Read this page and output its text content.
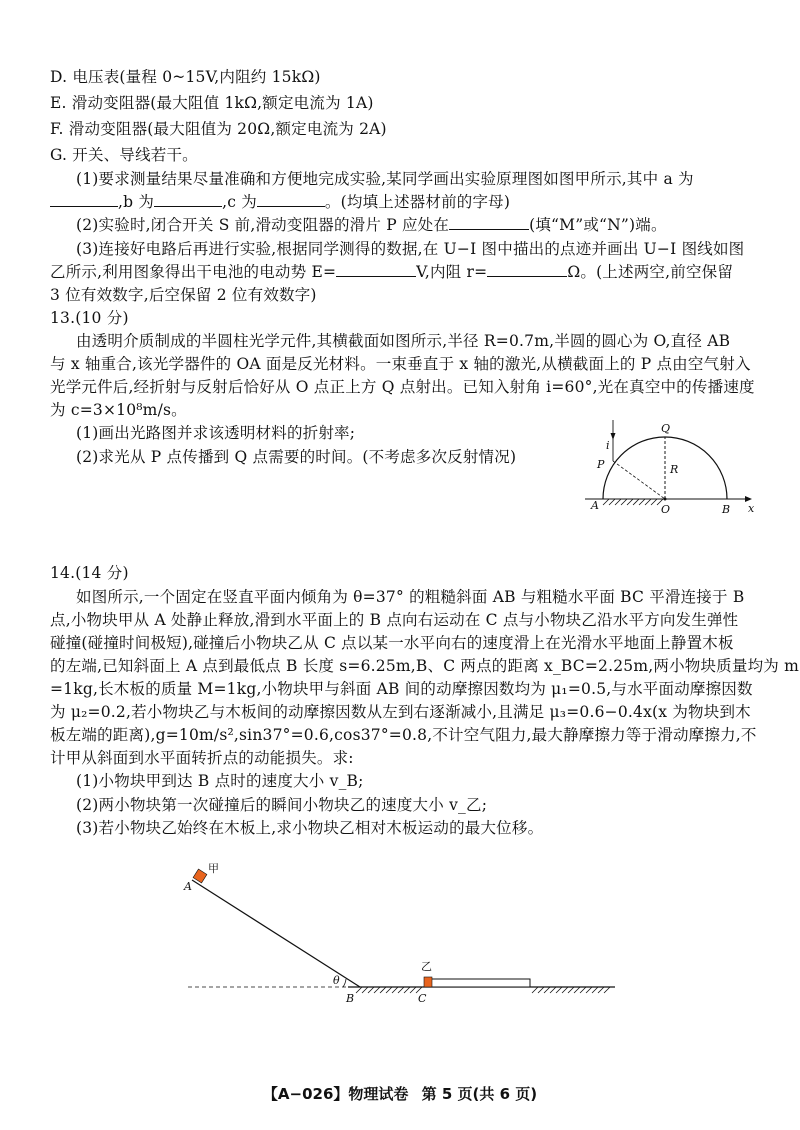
D. 电压表(量程 0~15V,内阻约 15kΩ)
E. 滑动变阻器(最大阻值 1kΩ,额定电流为 1A)
F. 滑动变阻器(最大阻值为 20Ω,额定电流为 2A)
G. 开关、导线若干。
(1)要求测量结果尽量准确和方便地完成实验,某同学画出实验原理图如图甲所示,其中 a 为
,b 为	,c 为	。(均填上述器材前的字母)
(2)实验时,闭合开关 S 前,滑动变阻器的滑片 P 应处在	(填“M”或“N”)端。
(3)连接好电路后再进行实验,根据同学测得的数据,在 U−I 图中描出的点迹并画出 U−I 图线如图
乙所示,利用图象得出干电池的电动势 E=	V,内阻 r=	Ω。(上述两空,前空保留
3 位有效数字,后空保留 2 位有效数字)
13.(10 分)
由透明介质制成的半圆柱光学元件,其横截面如图所示,半径 R=0.7m,半圆的圆心为 O,直径 AB
与 x 轴重合,该光学器件的 OA 面是反光材料。一束垂直于 x 轴的激光,从横截面上的 P 点由空气射入
光学元件后,经折射与反射后恰好从 O 点正上方 Q 点射出。已知入射角 i=60°,光在真空中的传播速度
为 c=3×10⁸m/s。
(1)画出光路图并求该透明材料的折射率;
(2)求光从 P 点传播到 Q 点需要的时间。(不考虑多次反射情况)
Q
i
P	R
A	O	B x
14.(14 分)
如图所示,一个固定在竖直平面内倾角为 θ=37° 的粗糙斜面 AB 与粗糙水平面 BC 平滑连接于 B
点,小物块甲从 A 处静止释放,滑到水平面上的 B 点向右运动在 C 点与小物块乙沿水平方向发生弹性
碰撞(碰撞时间极短),碰撞后小物块乙从 C 点以某一水平向右的速度滑上在光滑水平地面上静置木板
的左端,已知斜面上 A 点到最低点 B 长度 s=6.25m,B、C 两点的距离 x_BC=2.25m,两小物块质量均为 m
=1kg,长木板的质量 M=1kg,小物块甲与斜面 AB 间的动摩擦因数均为 μ₁=0.5,与水平面动摩擦因数
为 μ₂=0.2,若小物块乙与木板间的动摩擦因数从左到右逐渐减小,且满足 μ₃=0.6−0.4x(x 为物块到木
板左端的距离),g=10m/s²,sin37°=0.6,cos37°=0.8,不计空气阻力,最大静摩擦力等于滑动摩擦力,不
计甲从斜面到水平面转折点的动能损失。求:
(1)小物块甲到达 B 点时的速度大小 v_B;
(2)两小物块第一次碰撞后的瞬间小物块乙的速度大小 v_乙;
(3)若小物块乙始终在木板上,求小物块乙相对木板运动的最大位移。
甲
A
θ
B
乙
C
【A−026】物理试卷 第 5 页(共 6 页)
